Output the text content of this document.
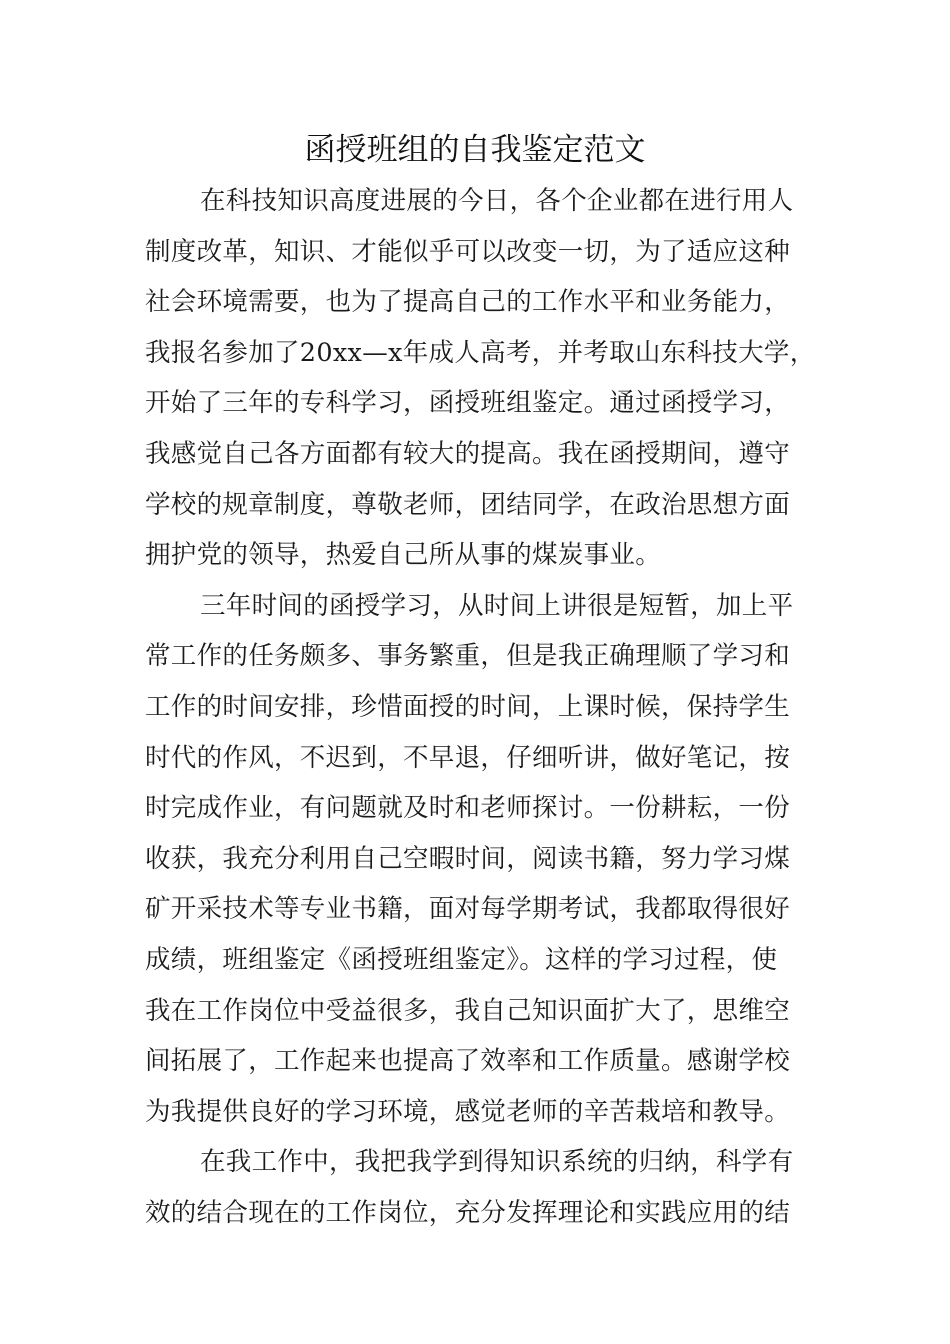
函授班组的自我鉴定范文
在科技知识高度进展的今日，各个企业都在进行用人
制度改革，知识、才能似乎可以改变一切，为了适应这种
社会环境需要，也为了提高自己的工作水平和业务能力，
我报名参加了20xx—x年成人高考，并考取山东科技大学，
开始了三年的专科学习，函授班组鉴定。通过函授学习，
我感觉自己各方面都有较大的提高。我在函授期间，遵守
学校的规章制度，尊敬老师，团结同学，在政治思想方面
拥护党的领导，热爱自己所从事的煤炭事业。
三年时间的函授学习，从时间上讲很是短暂，加上平
常工作的任务颇多、事务繁重，但是我正确理顺了学习和
工作的时间安排，珍惜面授的时间，上课时候，保持学生
时代的作风，不迟到，不早退，仔细听讲，做好笔记，按
时完成作业，有问题就及时和老师探讨。一份耕耘，一份
收获，我充分利用自己空暇时间，阅读书籍，努力学习煤
矿开采技术等专业书籍，面对每学期考试，我都取得很好
成绩，班组鉴定《函授班组鉴定》。这样的学习过程，使
我在工作岗位中受益很多，我自己知识面扩大了，思维空
间拓展了，工作起来也提高了效率和工作质量。感谢学校
为我提供良好的学习环境，感觉老师的辛苦栽培和教导。
在我工作中，我把我学到得知识系统的归纳，科学有
效的结合现在的工作岗位，充分发挥理论和实践应用的结
